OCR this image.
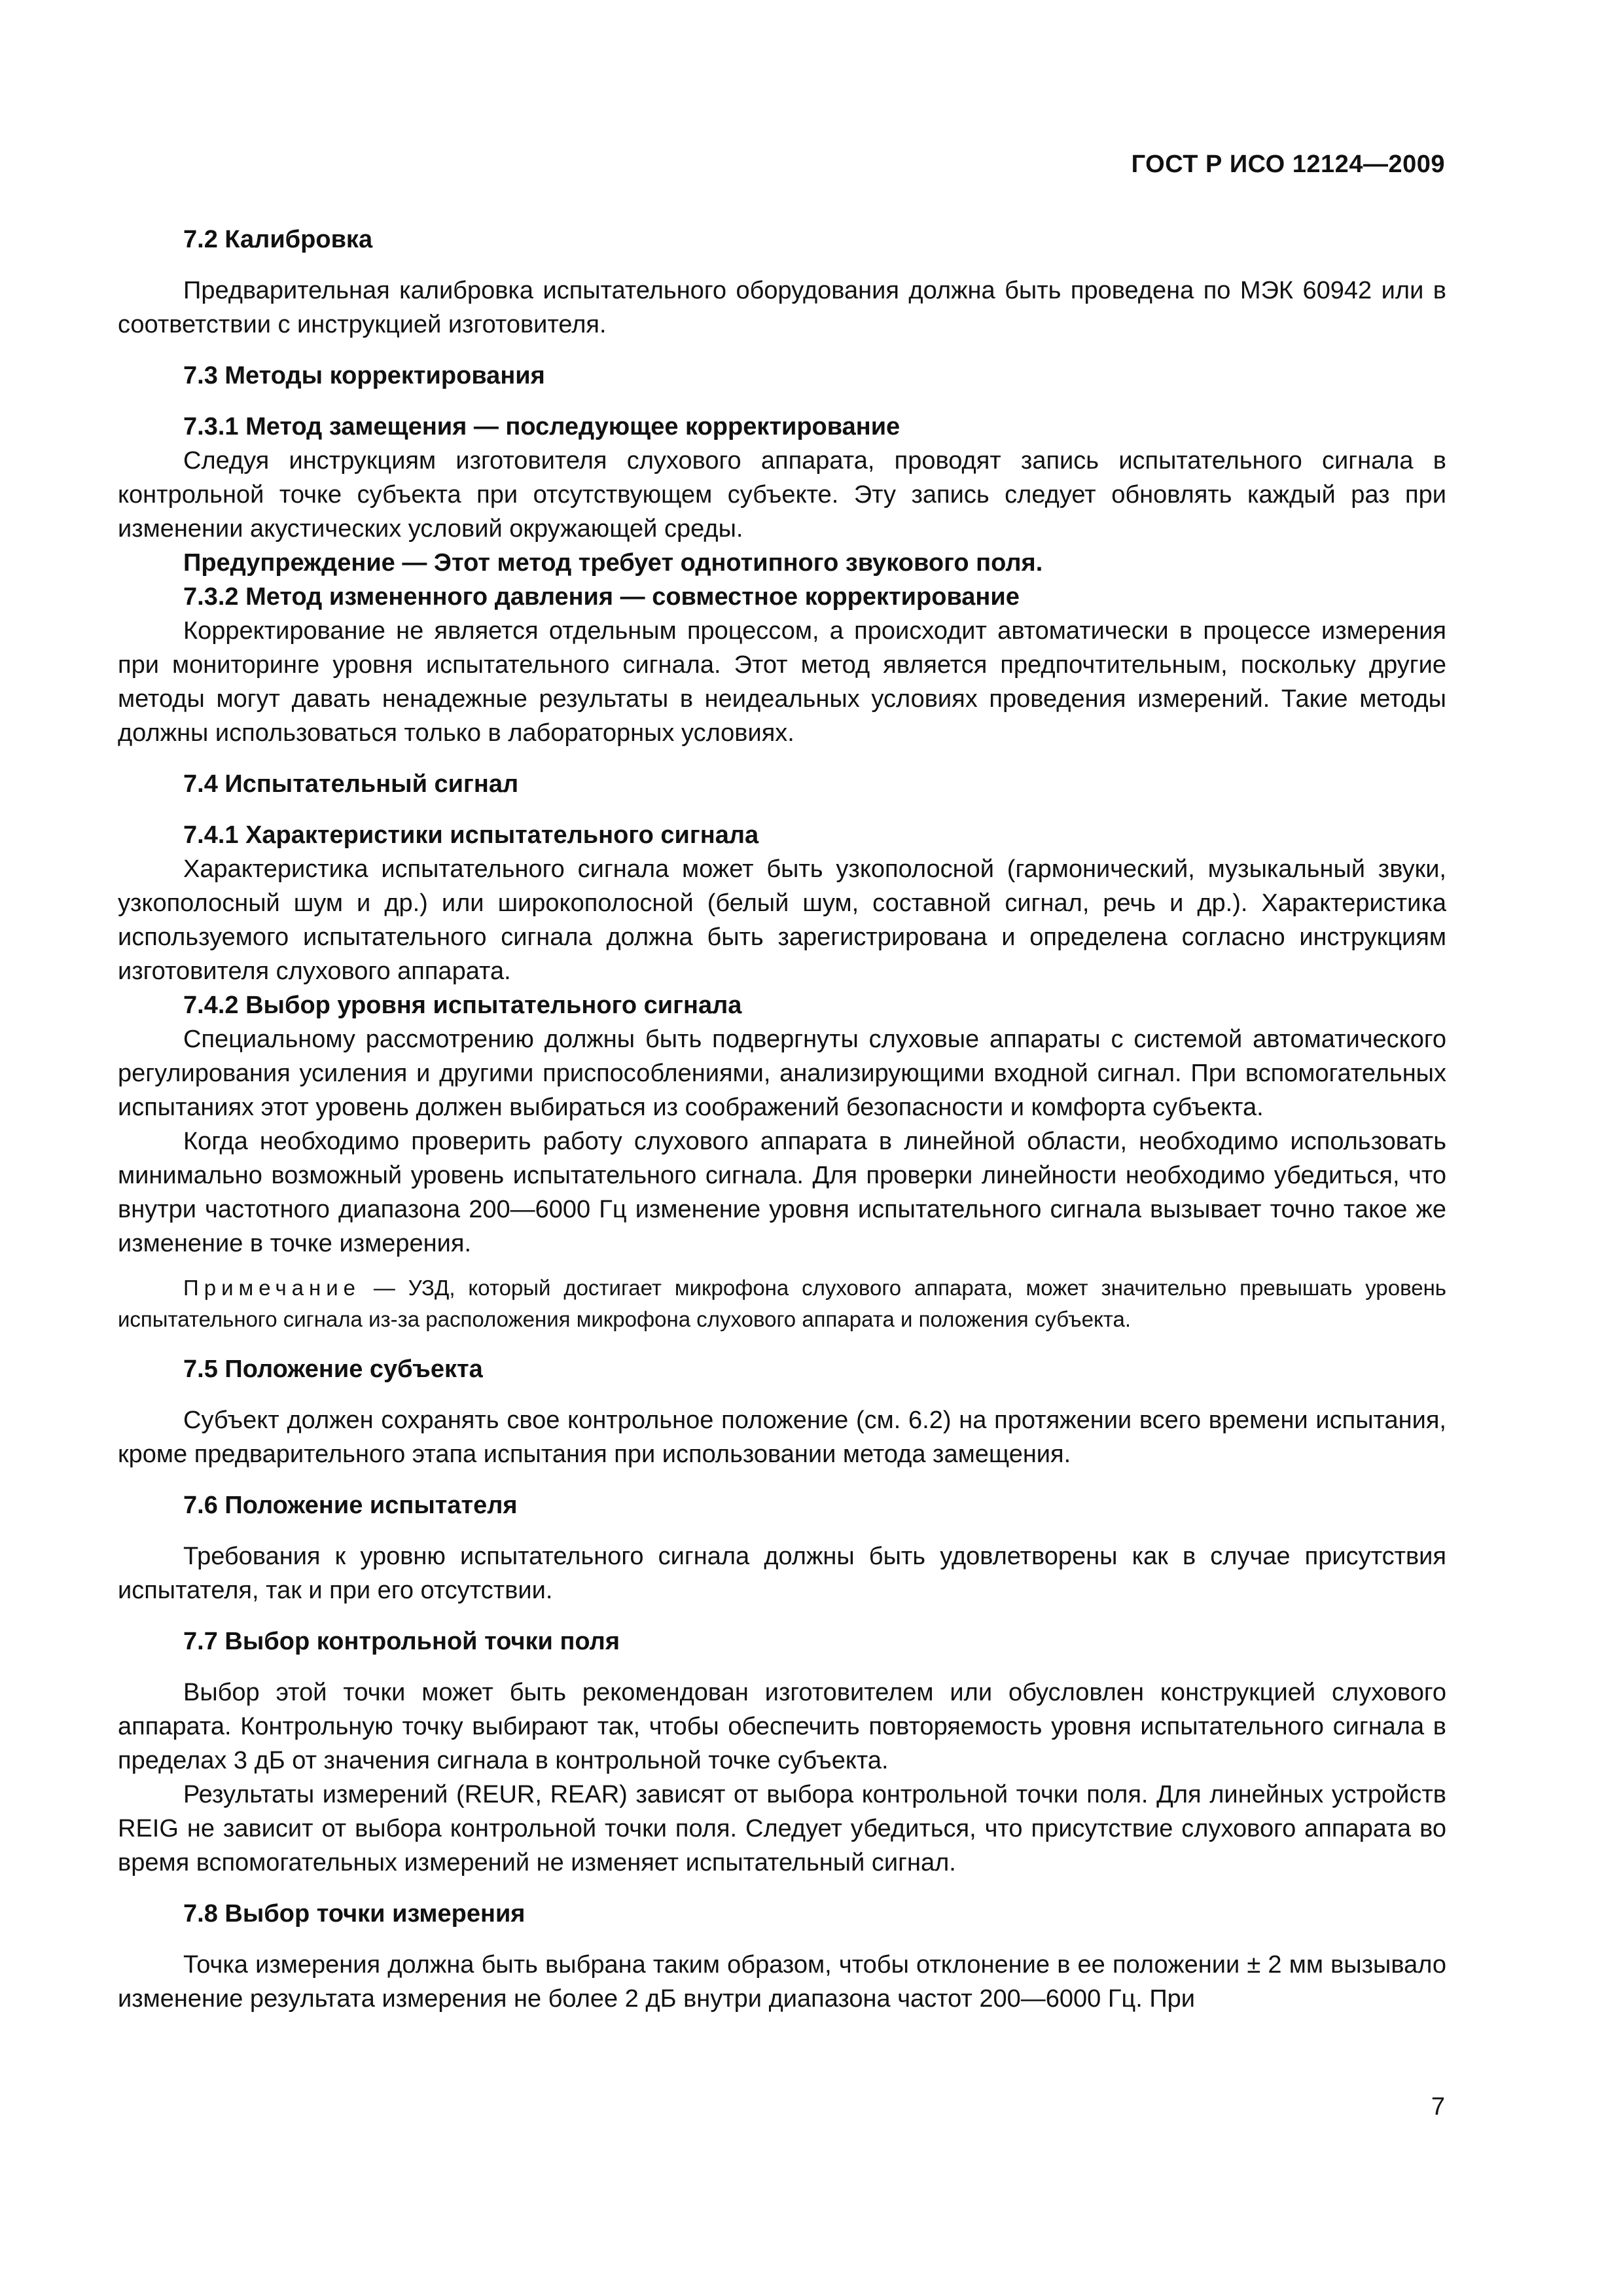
ГОСТ Р ИСО 12124—2009

7.2 Калибровка

Предварительная калибровка испытательного оборудования должна быть проведена по МЭК 60942 или в соответствии с инструкцией изготовителя.

7.3 Методы корректирования

7.3.1 Метод замещения — последующее корректирование

Следуя инструкциям изготовителя слухового аппарата, проводят запись испытательного сигнала в контрольной точке субъекта при отсутствующем субъекте. Эту запись следует обновлять каждый раз при изменении акустических условий окружающей среды.

Предупреждение — Этот метод требует однотипного звукового поля.

7.3.2 Метод измененного давления — совместное корректирование

Корректирование не является отдельным процессом, а происходит автоматически в процессе измерения при мониторинге уровня испытательного сигнала. Этот метод является предпочтительным, поскольку другие методы могут давать ненадежные результаты в неидеальных условиях проведения измерений. Такие методы должны использоваться только в лабораторных условиях.

7.4 Испытательный сигнал

7.4.1 Характеристики испытательного сигнала

Характеристика испытательного сигнала может быть узкополосной (гармонический, музыкальный звуки, узкополосный шум и др.) или широкополосной (белый шум, составной сигнал, речь и др.). Характеристика используемого испытательного сигнала должна быть зарегистрирована и определена согласно инструкциям изготовителя слухового аппарата.

7.4.2 Выбор уровня испытательного сигнала

Специальному рассмотрению должны быть подвергнуты слуховые аппараты с системой автоматического регулирования усиления и другими приспособлениями, анализирующими входной сигнал. При вспомогательных испытаниях этот уровень должен выбираться из соображений безопасности и комфорта субъекта.

Когда необходимо проверить работу слухового аппарата в линейной области, необходимо использовать минимально возможный уровень испытательного сигнала. Для проверки линейности необходимо убедиться, что внутри частотного диапазона 200—6000 Гц изменение уровня испытательного сигнала вызывает точно такое же изменение в точке измерения.

Примечание — УЗД, который достигает микрофона слухового аппарата, может значительно превышать уровень испытательного сигнала из-за расположения микрофона слухового аппарата и положения субъекта.

7.5 Положение субъекта

Субъект должен сохранять свое контрольное положение (см. 6.2) на протяжении всего времени испытания, кроме предварительного этапа испытания при использовании метода замещения.

7.6 Положение испытателя

Требования к уровню испытательного сигнала должны быть удовлетворены как в случае присутствия испытателя, так и при его отсутствии.

7.7 Выбор контрольной точки поля

Выбор этой точки может быть рекомендован изготовителем или обусловлен конструкцией слухового аппарата. Контрольную точку выбирают так, чтобы обеспечить повторяемость уровня испытательного сигнала в пределах 3 дБ от значения сигнала в контрольной точке субъекта.

Результаты измерений (REUR, REAR) зависят от выбора контрольной точки поля. Для линейных устройств REIG не зависит от выбора контрольной точки поля. Следует убедиться, что присутствие слухового аппарата во время вспомогательных измерений не изменяет испытательный сигнал.

7.8 Выбор точки измерения

Точка измерения должна быть выбрана таким образом, чтобы отклонение в ее положении ± 2 мм вызывало изменение результата измерения не более 2 дБ внутри диапазона частот 200—6000 Гц. При

7
